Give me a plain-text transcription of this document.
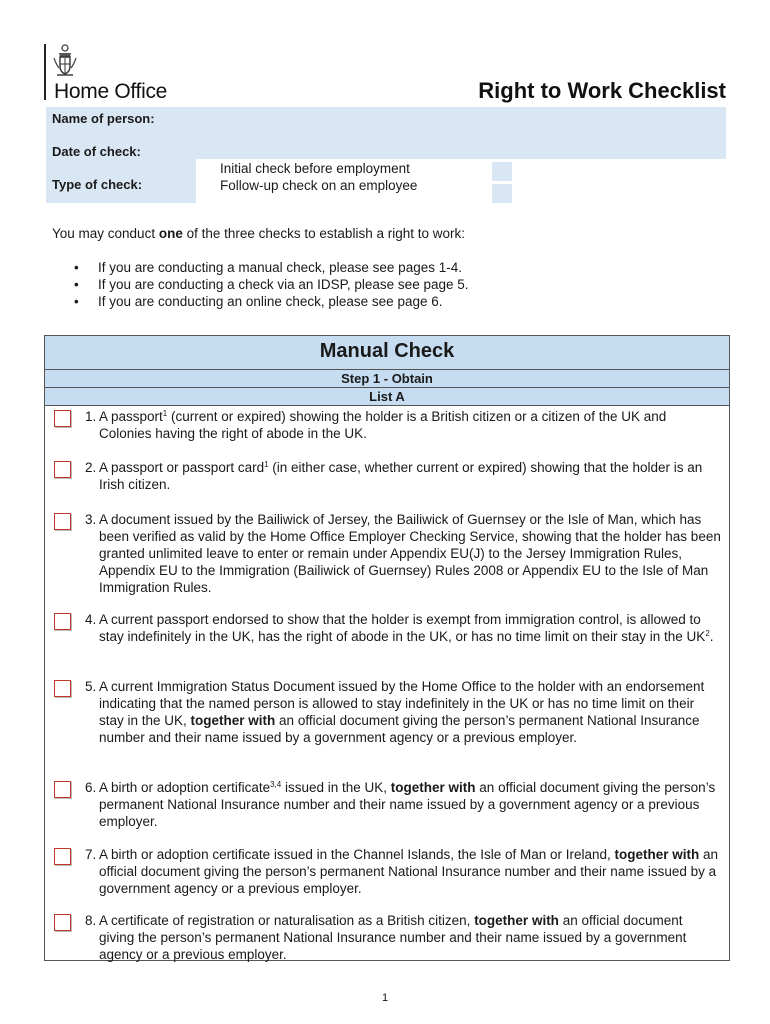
Home Office	Right to Work Checklist
Name of person:
Date of check:
Type of check:
Initial check before employment
Follow-up check on an employee
You may conduct one of the three checks to establish a right to work:
• If you are conducting a manual check, please see pages 1-4.
• If you are conducting a check via an IDSP, please see page 5.
• If you are conducting an online check, please see page 6.
Manual Check
Step 1 - Obtain
List A
1. A passport$^1$ (current or expired) showing the holder is a British citizen or a citizen of the UK and Colonies having the right of abode in the UK.
2. A passport or passport card$^1$ (in either case, whether current or expired) showing that the holder is an Irish citizen.
3. A document issued by the Bailiwick of Jersey, the Bailiwick of Guernsey or the Isle of Man, which has been verified as valid by the Home Office Employer Checking Service, showing that the holder has been granted unlimited leave to enter or remain under Appendix EU(J) to the Jersey Immigration Rules, Appendix EU to the Immigration (Bailiwick of Guernsey) Rules 2008 or Appendix EU to the Isle of Man Immigration Rules.
4. A current passport endorsed to show that the holder is exempt from immigration control, is allowed to stay indefinitely in the UK, has the right of abode in the UK, or has no time limit on their stay in the $UK^2$.
5. A current Immigration Status Document issued by the Home Office to the holder with an endorsement indicating that the named person is allowed to stay indefinitely in the UK or has no time limit on their stay in the UK, together with an official document giving the person’s permanent National Insurance number and their name issued by a government agency or a previous employer.
6. A birth or adoption certificate$^{3,4}$ issued in the UK, together with an official document giving the person’s permanent National Insurance number and their name issued by a government agency or a previous employer.
7. A birth or adoption certificate issued in the Channel Islands, the Isle of Man or Ireland, together with an official document giving the person’s permanent National Insurance number and their name issued by a government agency or a previous employer.
8. A certificate of registration or naturalisation as a British citizen, together with an official document giving the person’s permanent National Insurance number and their name issued by a government agency or a previous employer.
1
